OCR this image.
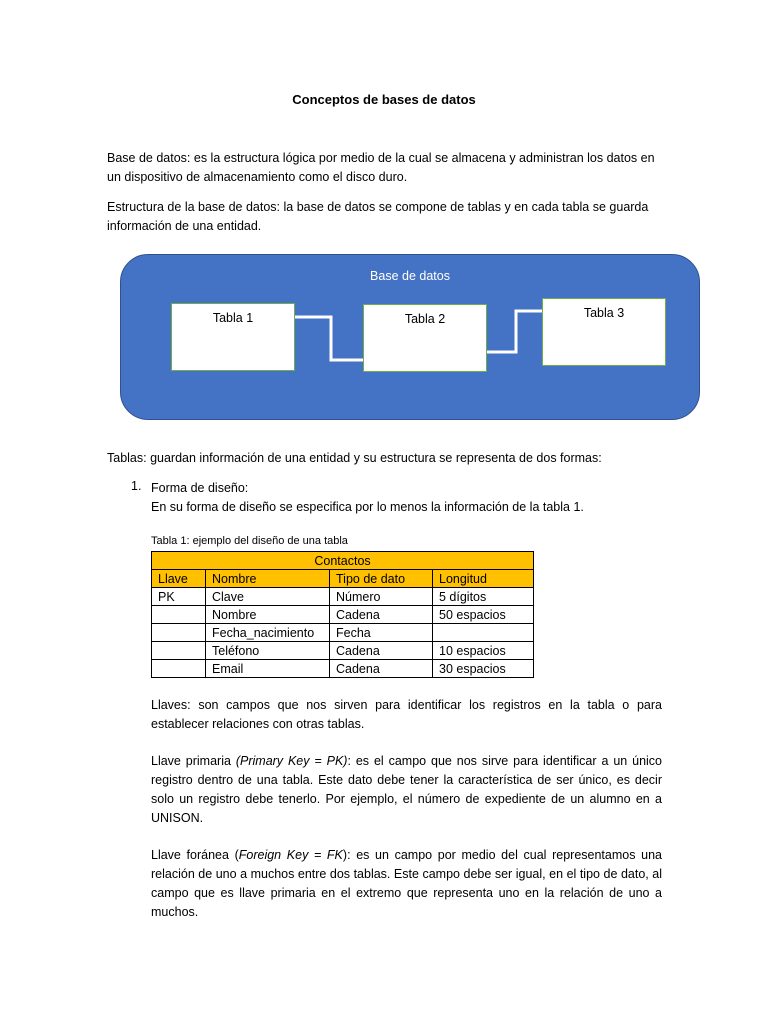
Conceptos de bases de datos
Base de datos: es la estructura lógica por medio de la cual se almacena y administran los datos en un dispositivo de almacenamiento como el disco duro.
Estructura de la base de datos: la base de datos se compone de tablas y en cada tabla se guarda información de una entidad.
Base de datos
Tabla 1	Tabla 2	Tabla 3
Tablas: guardan información de una entidad y su estructura se representa de dos formas:
1. Forma de diseño:
En su forma de diseño se especifica por lo menos la información de la tabla 1.
Tabla 1: ejemplo del diseño de una tabla
Contactos			
Llave	Nombre	Tipo de dato	Longitud
PK	Clave	Número	5 dígitos
	Nombre	Cadena	50 espacios
	Fecha_nacimiento	Fecha	
	Teléfono	Cadena	10 espacios
	Email	Cadena	30 espacios
Llaves: son campos que nos sirven para identificar los registros en la tabla o para establecer relaciones con otras tablas.
Llave primaria (Primary Key = PK): es el campo que nos sirve para identificar a un único registro dentro de una tabla. Este dato debe tener la característica de ser único, es decir solo un registro debe tenerlo. Por ejemplo, el número de expediente de un alumno en a UNISON.
Llave foránea (Foreign Key = FK): es un campo por medio del cual representamos una relación de uno a muchos entre dos tablas. Este campo debe ser igual, en el tipo de dato, al campo que es llave primaria en el extremo que representa uno en la relación de uno a muchos.
